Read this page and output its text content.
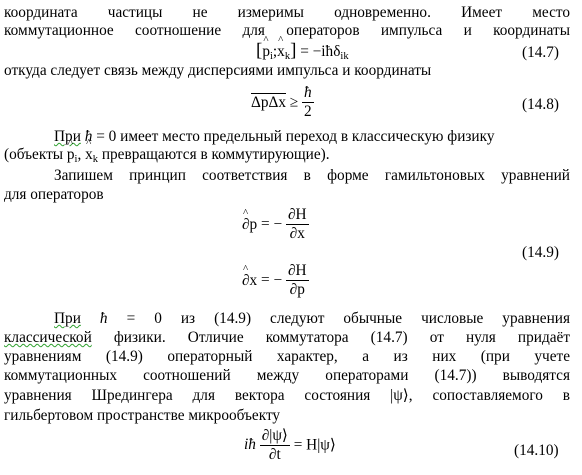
координата частицы не измеримы одновременно. Имеет место
коммутационное соотношение для операторов импульса и координаты
[^ $p_i;\^{}$ $x_k$] = −iħδ$_{ik}$	(14.7)
откуда следует связь между дисперсиями импульса и координаты
$\Delta p\Delta x \ge \frac{ħ}{2}$	(14.8)
При ħ = 0 имеет место предельный переход в классическую физику
(объекты ^ $p_i$, ^ $x_k$ превращаются в коммутирующие).
Запишем принцип соответствия в форме гамильтоновых уравнений
для операторов
^ ∂p = − $\frac{\partial H}{\partial x}$
^ ∂x = − $\frac{\partial H}{\partial p}$
(14.9)
При ħ = 0 из (14.9) следуют обычные числовые уравнения
классической физики. Отличие коммутатора (14.7) от нуля придаёт
уравнениям (14.9) операторный характер, а из них (при учете
коммутационных соотношений между операторами (14.7)) выводятся
уравнения Шредингера для вектора состояния |ψ⟩, сопоставляемого в
гильбертовом пространстве микрообъекту
iħ $\frac{\partial|\psi⟩}{\partial t}$ = H|ψ⟩	(14.10)
